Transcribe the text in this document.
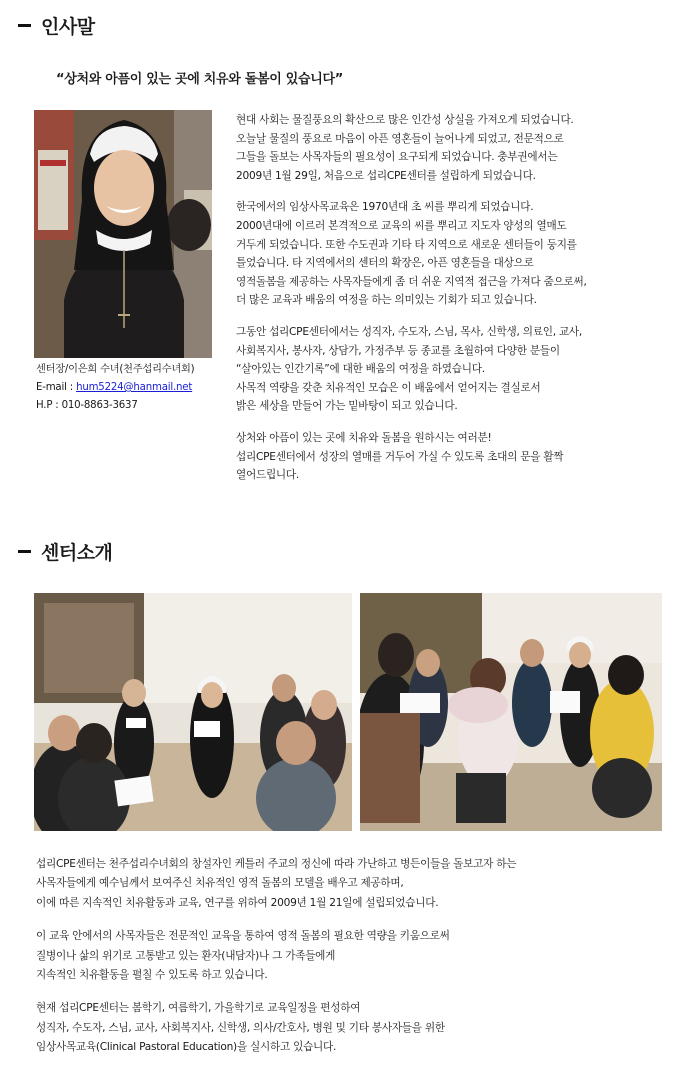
인사말
“상처와 아픔이 있는 곳에 치유와 돌봄이 있습니다”
센터장/이은희 수녀(천주섭리수녀회)
E-mail : hum5224@hanmail.net
H.P : 010-8863-3637
현대 사회는 물질풍요의 확산으로 많은 인간성 상실을 가져오게 되었습니다.
오늘날 물질의 풍요로 마음이 아픈 영혼들이 늘어나게 되었고, 전문적으로
그들을 돌보는 사목자들의 필요성이 요구되게 되었습니다. 충부권에서는
2009년 1월 29일, 처음으로 섭리CPE센터를 설립하게 되었습니다.
한국에서의 임상사목교육은 1970년대 초 씨를 뿌리게 되었습니다.
2000년대에 이르러 본격적으로 교육의 씨를 뿌리고 지도자 양성의 열매도
거두게 되었습니다. 또한 수도권과 기타 타 지역으로 새로운 센터들이 둥지를
틀었습니다. 타 지역에서의 센터의 확장은, 아픈 영혼들을 대상으로
영적돌봄을 제공하는 사목자들에게 좀 더 쉬운 지역적 접근을 가져다 줌으로써,
더 많은 교육과 배움의 여정을 하는 의미있는 기회가 되고 있습니다.
그동안 섭리CPE센터에서는 성직자, 수도자, 스님, 목사, 신학생, 의료인, 교사,
사회복지사, 봉사자, 상담가, 가정주부 등 종교를 초월하여 다양한 분들이
“살아있는 인간기록”에 대한 배움의 여정을 하였습니다.
사목적 역량을 갖춘 치유적인 모습은 이 배움에서 얻어지는 결실로서
밝은 세상을 만들어 가는 밑바탕이 되고 있습니다.
상처와 아픔이 있는 곳에 치유와 돌봄을 원하시는 여러분!
섭리CPE센터에서 성장의 열매를 거두어 가실 수 있도록 초대의 문을 활짝
열어드립니다.
센터소개
섭리CPE센터는 천주섭리수녀회의 창설자인 케틀러 주교의 정신에 따라 가난하고 병든이들을 돌보고자 하는
사목자들에게 예수님께서 보여주신 치유적인 영적 돌봄의 모델을 배우고 제공하며,
이에 따른 지속적인 치유활동과 교육, 연구를 위하여 2009년 1월 21일에 설립되었습니다.
이 교육 안에서의 사목자들은 전문적인 교육을 통하여 영적 돌봄의 필요한 역량을 키움으로써
질병이나 삶의 위기로 고통받고 있는 환자(내담자)나 그 가족들에게
지속적인 치유활동을 펼칠 수 있도록 하고 있습니다.
현재 섭리CPE센터는 봄학기, 여름학기, 가을학기로 교육일정을 편성하여
성직자, 수도자, 스님, 교사, 사회복지사, 신학생, 의사/간호사, 병원 및 기타 봉사자들을 위한
임상사목교육(Clinical Pastoral Education)을 실시하고 있습니다.
